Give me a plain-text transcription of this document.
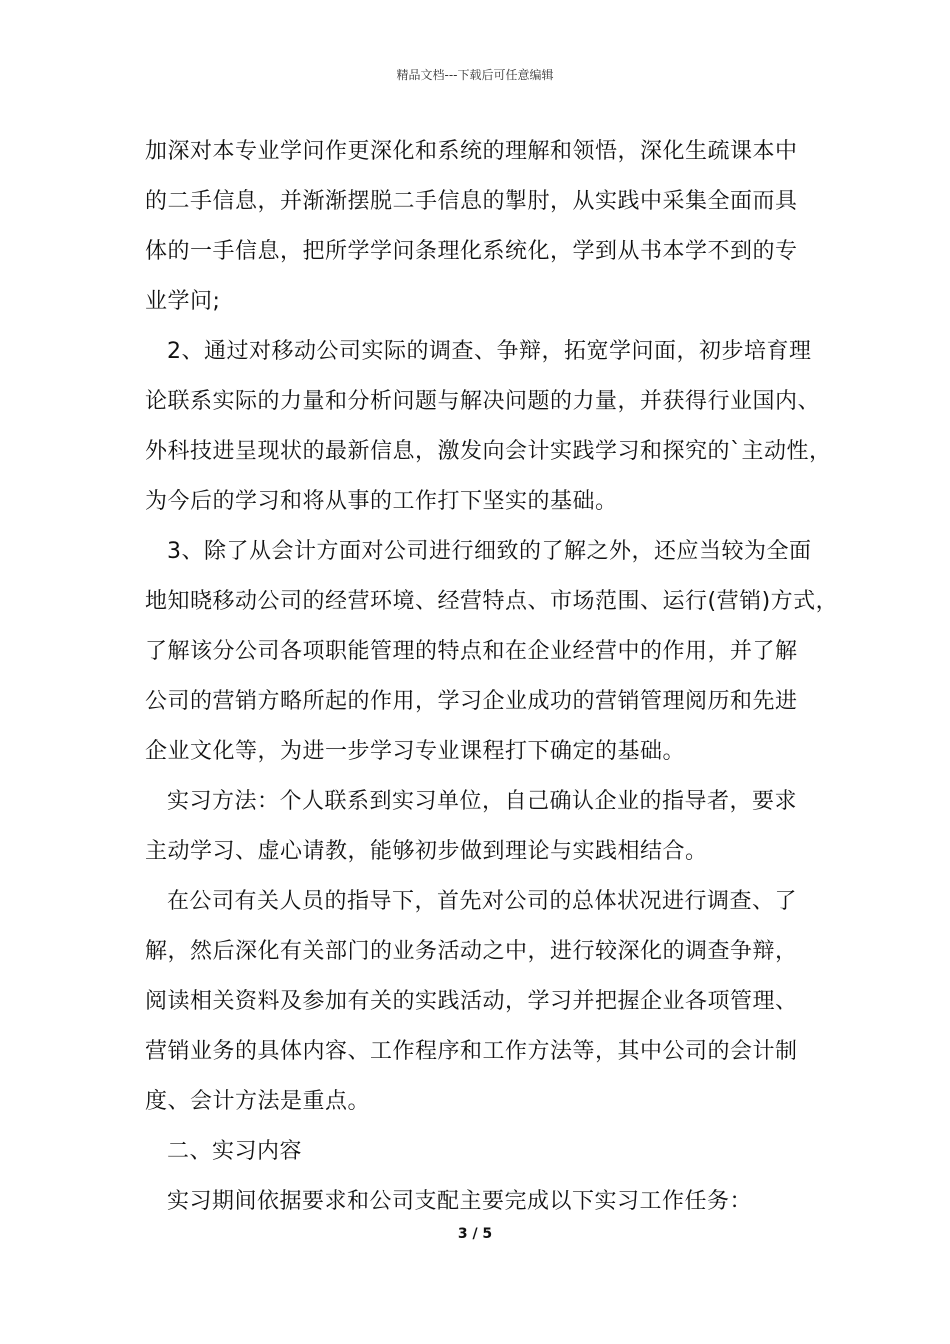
精品文档---下载后可任意编辑
加深对本专业学问作更深化和系统的理解和领悟，深化生疏课本中
的二手信息，并渐渐摆脱二手信息的掣肘，从实践中采集全面而具
体的一手信息，把所学学问条理化系统化，学到从书本学不到的专
业学问;
2、通过对移动公司实际的调查、争辩，拓宽学问面，初步培育理
论联系实际的力量和分析问题与解决问题的力量，并获得行业国内、
外科技进呈现状的最新信息，激发向会计实践学习和探究的`主动性，
为今后的学习和将从事的工作打下坚实的基础。
3、除了从会计方面对公司进行细致的了解之外，还应当较为全面
地知晓移动公司的经营环境、经营特点、市场范围、运行(营销)方式，
了解该分公司各项职能管理的特点和在企业经营中的作用，并了解
公司的营销方略所起的作用，学习企业成功的营销管理阅历和先进
企业文化等，为进一步学习专业课程打下确定的基础。
实习方法：个人联系到实习单位，自己确认企业的指导者，要求
主动学习、虚心请教，能够初步做到理论与实践相结合。
在公司有关人员的指导下，首先对公司的总体状况进行调查、了
解，然后深化有关部门的业务活动之中，进行较深化的调查争辩，
阅读相关资料及参加有关的实践活动，学习并把握企业各项管理、
营销业务的具体内容、工作程序和工作方法等，其中公司的会计制
度、会计方法是重点。
二、实习内容
实习期间依据要求和公司支配主要完成以下实习工作任务：
3 / 5
